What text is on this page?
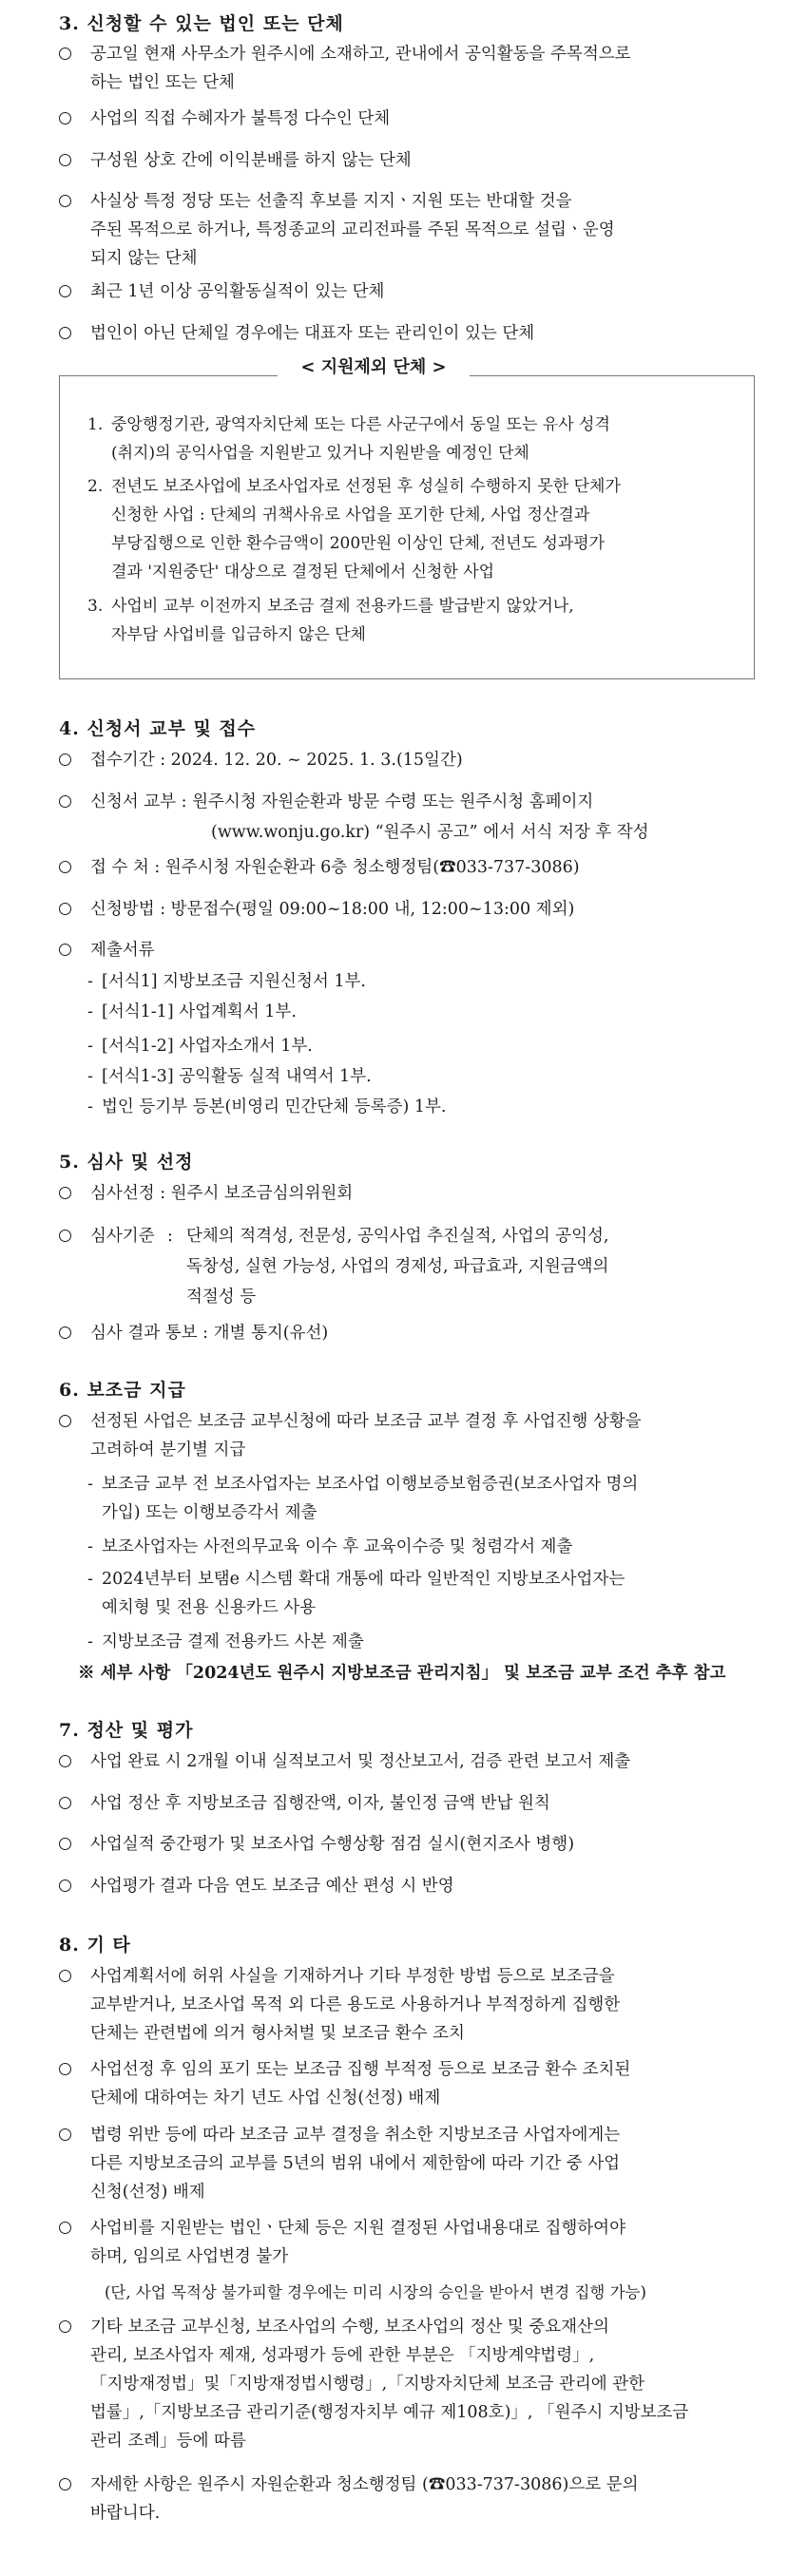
3. 신청할 수 있는 법인 또는 단체
공고일 현재 사무소가 원주시에 소재하고, 관내에서 공익활동을 주목적으로
하는 법인 또는 단체
사업의 직접 수혜자가 불특정 다수인 단체
구성원 상호 간에 이익분배를 하지 않는 단체
사실상 특정 정당 또는 선출직 후보를 지지ㆍ지원 또는 반대할 것을
주된 목적으로 하거나, 특정종교의 교리전파를 주된 목적으로 설립ㆍ운영
되지 않는 단체
최근 1년 이상 공익활동실적이 있는 단체
법인이 아닌 단체일 경우에는 대표자 또는 관리인이 있는 단체
< 지원제외 단체 >
1. 중앙행정기관, 광역자치단체 또는 다른 사군구에서 동일 또는 유사 성격
(취지)의 공익사업을 지원받고 있거나 지원받을 예정인 단체
2. 전년도 보조사업에 보조사업자로 선정된 후 성실히 수행하지 못한 단체가
신청한 사업 : 단체의 귀책사유로 사업을 포기한 단체, 사업 정산결과
부당집행으로 인한 환수금액이 200만원 이상인 단체, 전년도 성과평가
결과 '지원중단' 대상으로 결정된 단체에서 신청한 사업
3. 사업비 교부 이전까지 보조금 결제 전용카드를 발급받지 않았거나,
자부담 사업비를 입금하지 않은 단체
4. 신청서 교부 및 접수
접수기간 : 2024. 12. 20. ~ 2025. 1. 3.(15일간)
신청서 교부 : 원주시청 자원순환과 방문 수령 또는 원주시청 홈페이지
(www.wonju.go.kr) “원주시 공고” 에서 서식 저장 후 작성
접 수 처 : 원주시청 자원순환과 6층 청소행정팀(☎033-737-3086)
신청방법 : 방문접수(평일 09:00~18:00 내, 12:00~13:00 제외)
제출서류
- [서식1] 지방보조금 지원신청서 1부.
- [서식1-1] 사업계획서 1부.
- [서식1-2] 사업자소개서 1부.
- [서식1-3] 공익활동 실적 내역서 1부.
- 법인 등기부 등본(비영리 민간단체 등록증) 1부.
5. 심사 및 선정
심사선정 : 원주시 보조금심의위원회
심사기준 : 단체의 적격성, 전문성, 공익사업 추진실적, 사업의 공익성,
독창성, 실현 가능성, 사업의 경제성, 파급효과, 지원금액의
적절성 등
심사 결과 통보 : 개별 통지(유선)
6. 보조금 지급
선정된 사업은 보조금 교부신청에 따라 보조금 교부 결정 후 사업진행 상황을
고려하여 분기별 지급
- 보조금 교부 전 보조사업자는 보조사업 이행보증보험증권(보조사업자 명의
가입) 또는 이행보증각서 제출
- 보조사업자는 사전의무교육 이수 후 교육이수증 및 청렴각서 제출
- 2024년부터 보탬e 시스템 확대 개통에 따라 일반적인 지방보조사업자는
예치형 및 전용 신용카드 사용
- 지방보조금 결제 전용카드 사본 제출
※ 세부 사항 「2024년도 원주시 지방보조금 관리지침」 및 보조금 교부 조건 추후 참고
7. 정산 및 평가
사업 완료 시 2개월 이내 실적보고서 및 정산보고서, 검증 관련 보고서 제출
사업 정산 후 지방보조금 집행잔액, 이자, 불인정 금액 반납 원칙
사업실적 중간평가 및 보조사업 수행상황 점검 실시(현지조사 병행)
사업평가 결과 다음 연도 보조금 예산 편성 시 반영
8. 기 타
사업계획서에 허위 사실을 기재하거나 기타 부정한 방법 등으로 보조금을
교부받거나, 보조사업 목적 외 다른 용도로 사용하거나 부적정하게 집행한
단체는 관련법에 의거 형사처벌 및 보조금 환수 조치
사업선정 후 임의 포기 또는 보조금 집행 부적정 등으로 보조금 환수 조치된
단체에 대하여는 차기 년도 사업 신청(선정) 배제
법령 위반 등에 따라 보조금 교부 결정을 취소한 지방보조금 사업자에게는
다른 지방보조금의 교부를 5년의 범위 내에서 제한함에 따라 기간 중 사업
신청(선정) 배제
사업비를 지원받는 법인ㆍ단체 등은 지원 결정된 사업내용대로 집행하여야
하며, 임의로 사업변경 불가
(단, 사업 목적상 불가피할 경우에는 미리 시장의 승인을 받아서 변경 집행 가능)
기타 보조금 교부신청, 보조사업의 수행, 보조사업의 정산 및 중요재산의
관리, 보조사업자 제재, 성과평가 등에 관한 부분은 「지방계약법령」,
「지방재정법」및「지방재정법시행령」,「지방자치단체 보조금 관리에 관한
법률」,「지방보조금 관리기준(행정자치부 예규 제108호)」, 「원주시 지방보조금
관리 조례」등에 따름
자세한 사항은 원주시 자원순환과 청소행정팀 (☎033-737-3086)으로 문의
바랍니다.
